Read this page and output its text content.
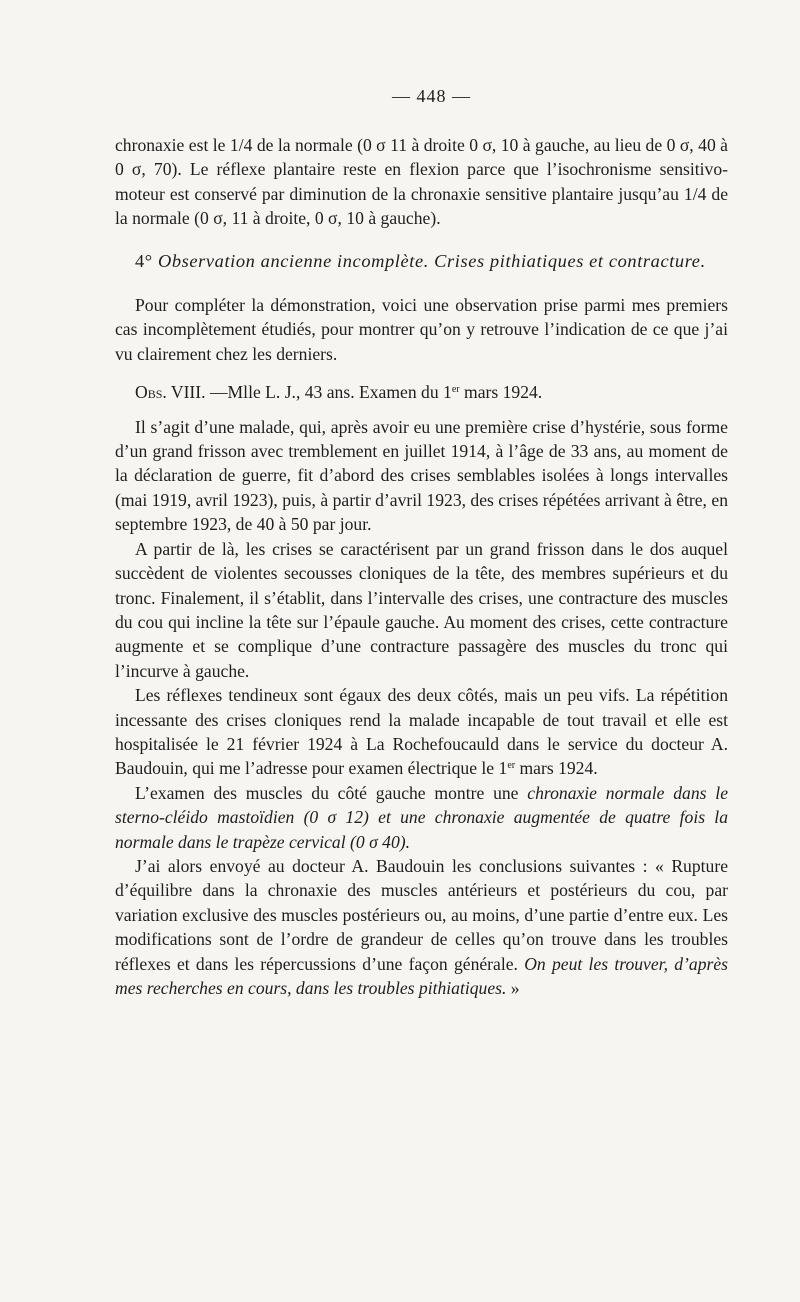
— 448 —

chronaxie est le 1/4 de la normale (0 σ 11 à droite 0 σ, 10 à gauche, au lieu de 0 σ, 40 à 0 σ, 70). Le réflexe plantaire reste en flexion parce que l’isochronisme sensitivo-moteur est conservé par diminution de la chronaxie sensitive plantaire jusqu’au 1/4 de la normale (0 σ, 11 à droite, 0 σ, 10 à gauche).

4° Observation ancienne incomplète. Crises pithiatiques et contracture.

Pour compléter la démonstration, voici une observation prise parmi mes premiers cas incomplètement étudiés, pour montrer qu’on y retrouve l’indication de ce que j’ai vu clairement chez les derniers.

Obs. VIII. —Mlle L. J., 43 ans. Examen du 1er mars 1924.

Il s’agit d’une malade, qui, après avoir eu une première crise d’hystérie, sous forme d’un grand frisson avec tremblement en juillet 1914, à l’âge de 33 ans, au moment de la déclaration de guerre, fit d’abord des crises semblables isolées à longs intervalles (mai 1919, avril 1923), puis, à partir d’avril 1923, des crises répétées arrivant à être, en septembre 1923, de 40 à 50 par jour.

A partir de là, les crises se caractérisent par un grand frisson dans le dos auquel succèdent de violentes secousses cloniques de la tête, des membres supérieurs et du tronc. Finalement, il s’établit, dans l’intervalle des crises, une contracture des muscles du cou qui incline la tête sur l’épaule gauche. Au moment des crises, cette contracture augmente et se complique d’une contracture passagère des muscles du tronc qui l’incurve à gauche.

Les réflexes tendineux sont égaux des deux côtés, mais un peu vifs. La répétition incessante des crises cloniques rend la malade incapable de tout travail et elle est hospitalisée le 21 février 1924 à La Rochefoucauld dans le service du docteur A. Baudouin, qui me l’adresse pour examen électrique le 1er mars 1924.

L’examen des muscles du côté gauche montre une chronaxie normale dans le sterno-cléido mastoïdien (0 σ 12) et une chronaxie augmentée de quatre fois la normale dans le trapèze cervical (0 σ 40).

J’ai alors envoyé au docteur A. Baudouin les conclusions suivantes : « Rupture d’équilibre dans la chronaxie des muscles antérieurs et postérieurs du cou, par variation exclusive des muscles postérieurs ou, au moins, d’une partie d’entre eux. Les modifications sont de l’ordre de grandeur de celles qu’on trouve dans les troubles réflexes et dans les répercussions d’une façon générale. On peut les trouver, d’après mes recherches en cours, dans les troubles pithiatiques. »
